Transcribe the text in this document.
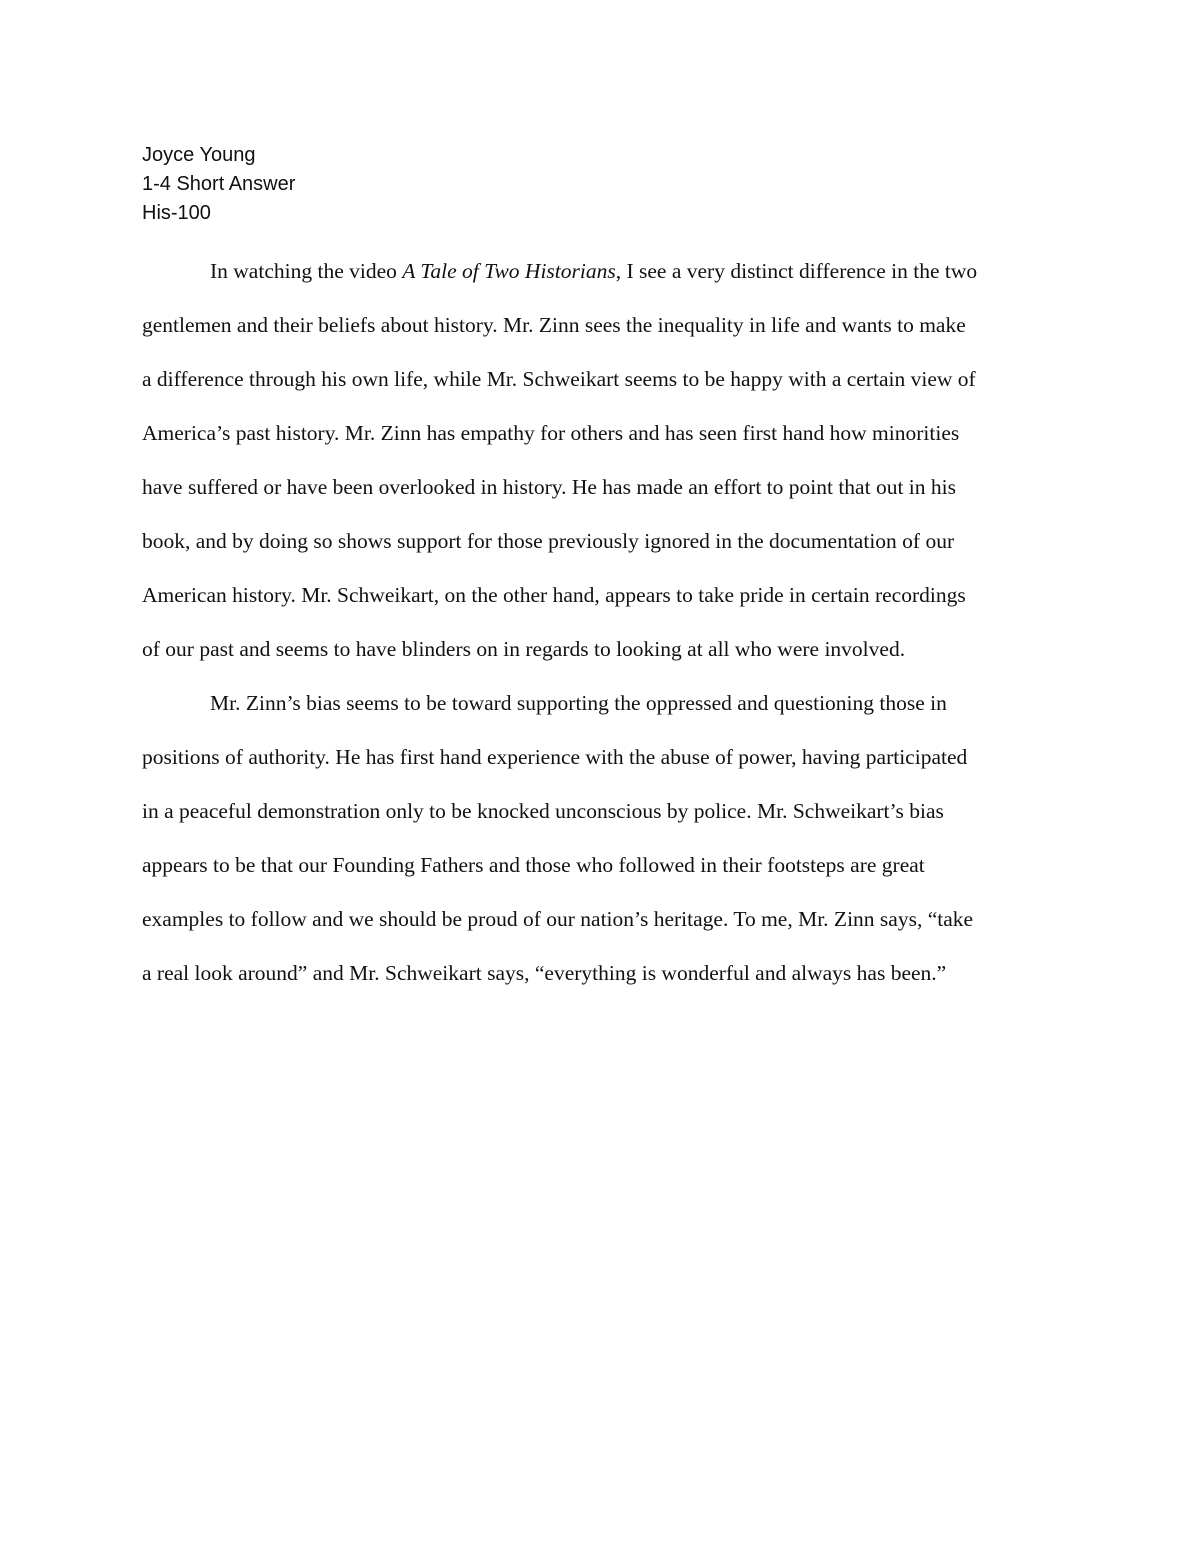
Joyce Young
1-4 Short Answer
His-100
In watching the video A Tale of Two Historians, I see a very distinct difference in the two
gentlemen and their beliefs about history. Mr. Zinn sees the inequality in life and wants to make
a difference through his own life, while Mr. Schweikart seems to be happy with a certain view of
America’s past history. Mr. Zinn has empathy for others and has seen first hand how minorities
have suffered or have been overlooked in history. He has made an effort to point that out in his
book, and by doing so shows support for those previously ignored in the documentation of our
American history. Mr. Schweikart, on the other hand, appears to take pride in certain recordings
of our past and seems to have blinders on in regards to looking at all who were involved.
Mr. Zinn’s bias seems to be toward supporting the oppressed and questioning those in
positions of authority. He has first hand experience with the abuse of power, having participated
in a peaceful demonstration only to be knocked unconscious by police. Mr. Schweikart’s bias
appears to be that our Founding Fathers and those who followed in their footsteps are great
examples to follow and we should be proud of our nation’s heritage. To me, Mr. Zinn says, “take
a real look around” and Mr. Schweikart says, “everything is wonderful and always has been.”
